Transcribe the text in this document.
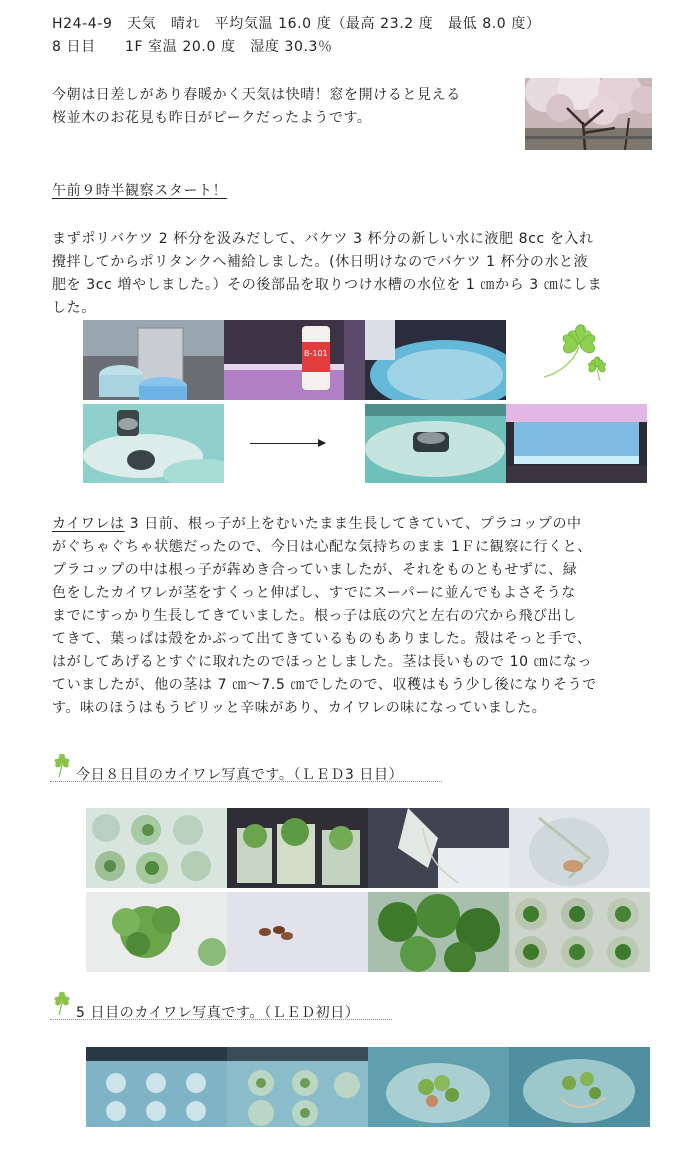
H24-4-9　天気　晴れ　平均気温 16.0 度（最高 23.2 度　最低 8.0 度）
8 日目　　1F 室温 20.0 度　湿度 30.3％
今朝は日差しがあり春暖かく天気は快晴！窓を開けると見える
桜並木のお花見も昨日がピークだったようです。
午前９時半観察スタート！
まずポリバケツ 2 杯分を汲みだして、バケツ 3 杯分の新しい水に液肥 8cc を入れ
攪拌してからポリタンクへ補給しました。(休日明けなのでバケツ 1 杯分の水と液
肥を 3cc 増やしました。）その後部品を取りつけ水槽の水位を 1 ㎝から 3 ㎝にしま
した。
B-101
カイワレは 3 日前、根っ子が上をむいたまま生長してきていて、プラコップの中
がぐちゃぐちゃ状態だったので、今日は心配な気持ちのまま 1Ｆに観察に行くと、
プラコップの中は根っ子が犇めき合っていましたが、それをものともせずに、緑
色をしたカイワレが茎をすくっと伸ばし、すでにスーパーに並んでもよさそうな
までにすっかり生長してきていました。根っ子は底の穴と左右の穴から飛び出し
てきて、葉っぱは殻をかぶって出てきているものもありました。殻はそっと手で、
はがしてあげるとすぐに取れたのでほっとしました。茎は長いもので 10 ㎝になっ
ていましたが、他の茎は 7 ㎝～7.5 ㎝でしたので、収穫はもう少し後になりそうで
す。味のほうはもうピリッと辛味があり、カイワレの味になっていました。
今日８日目のカイワレ写真です。（ＬＥＤ3 日目）
5 日目のカイワレ写真です。（ＬＥＤ初日）
